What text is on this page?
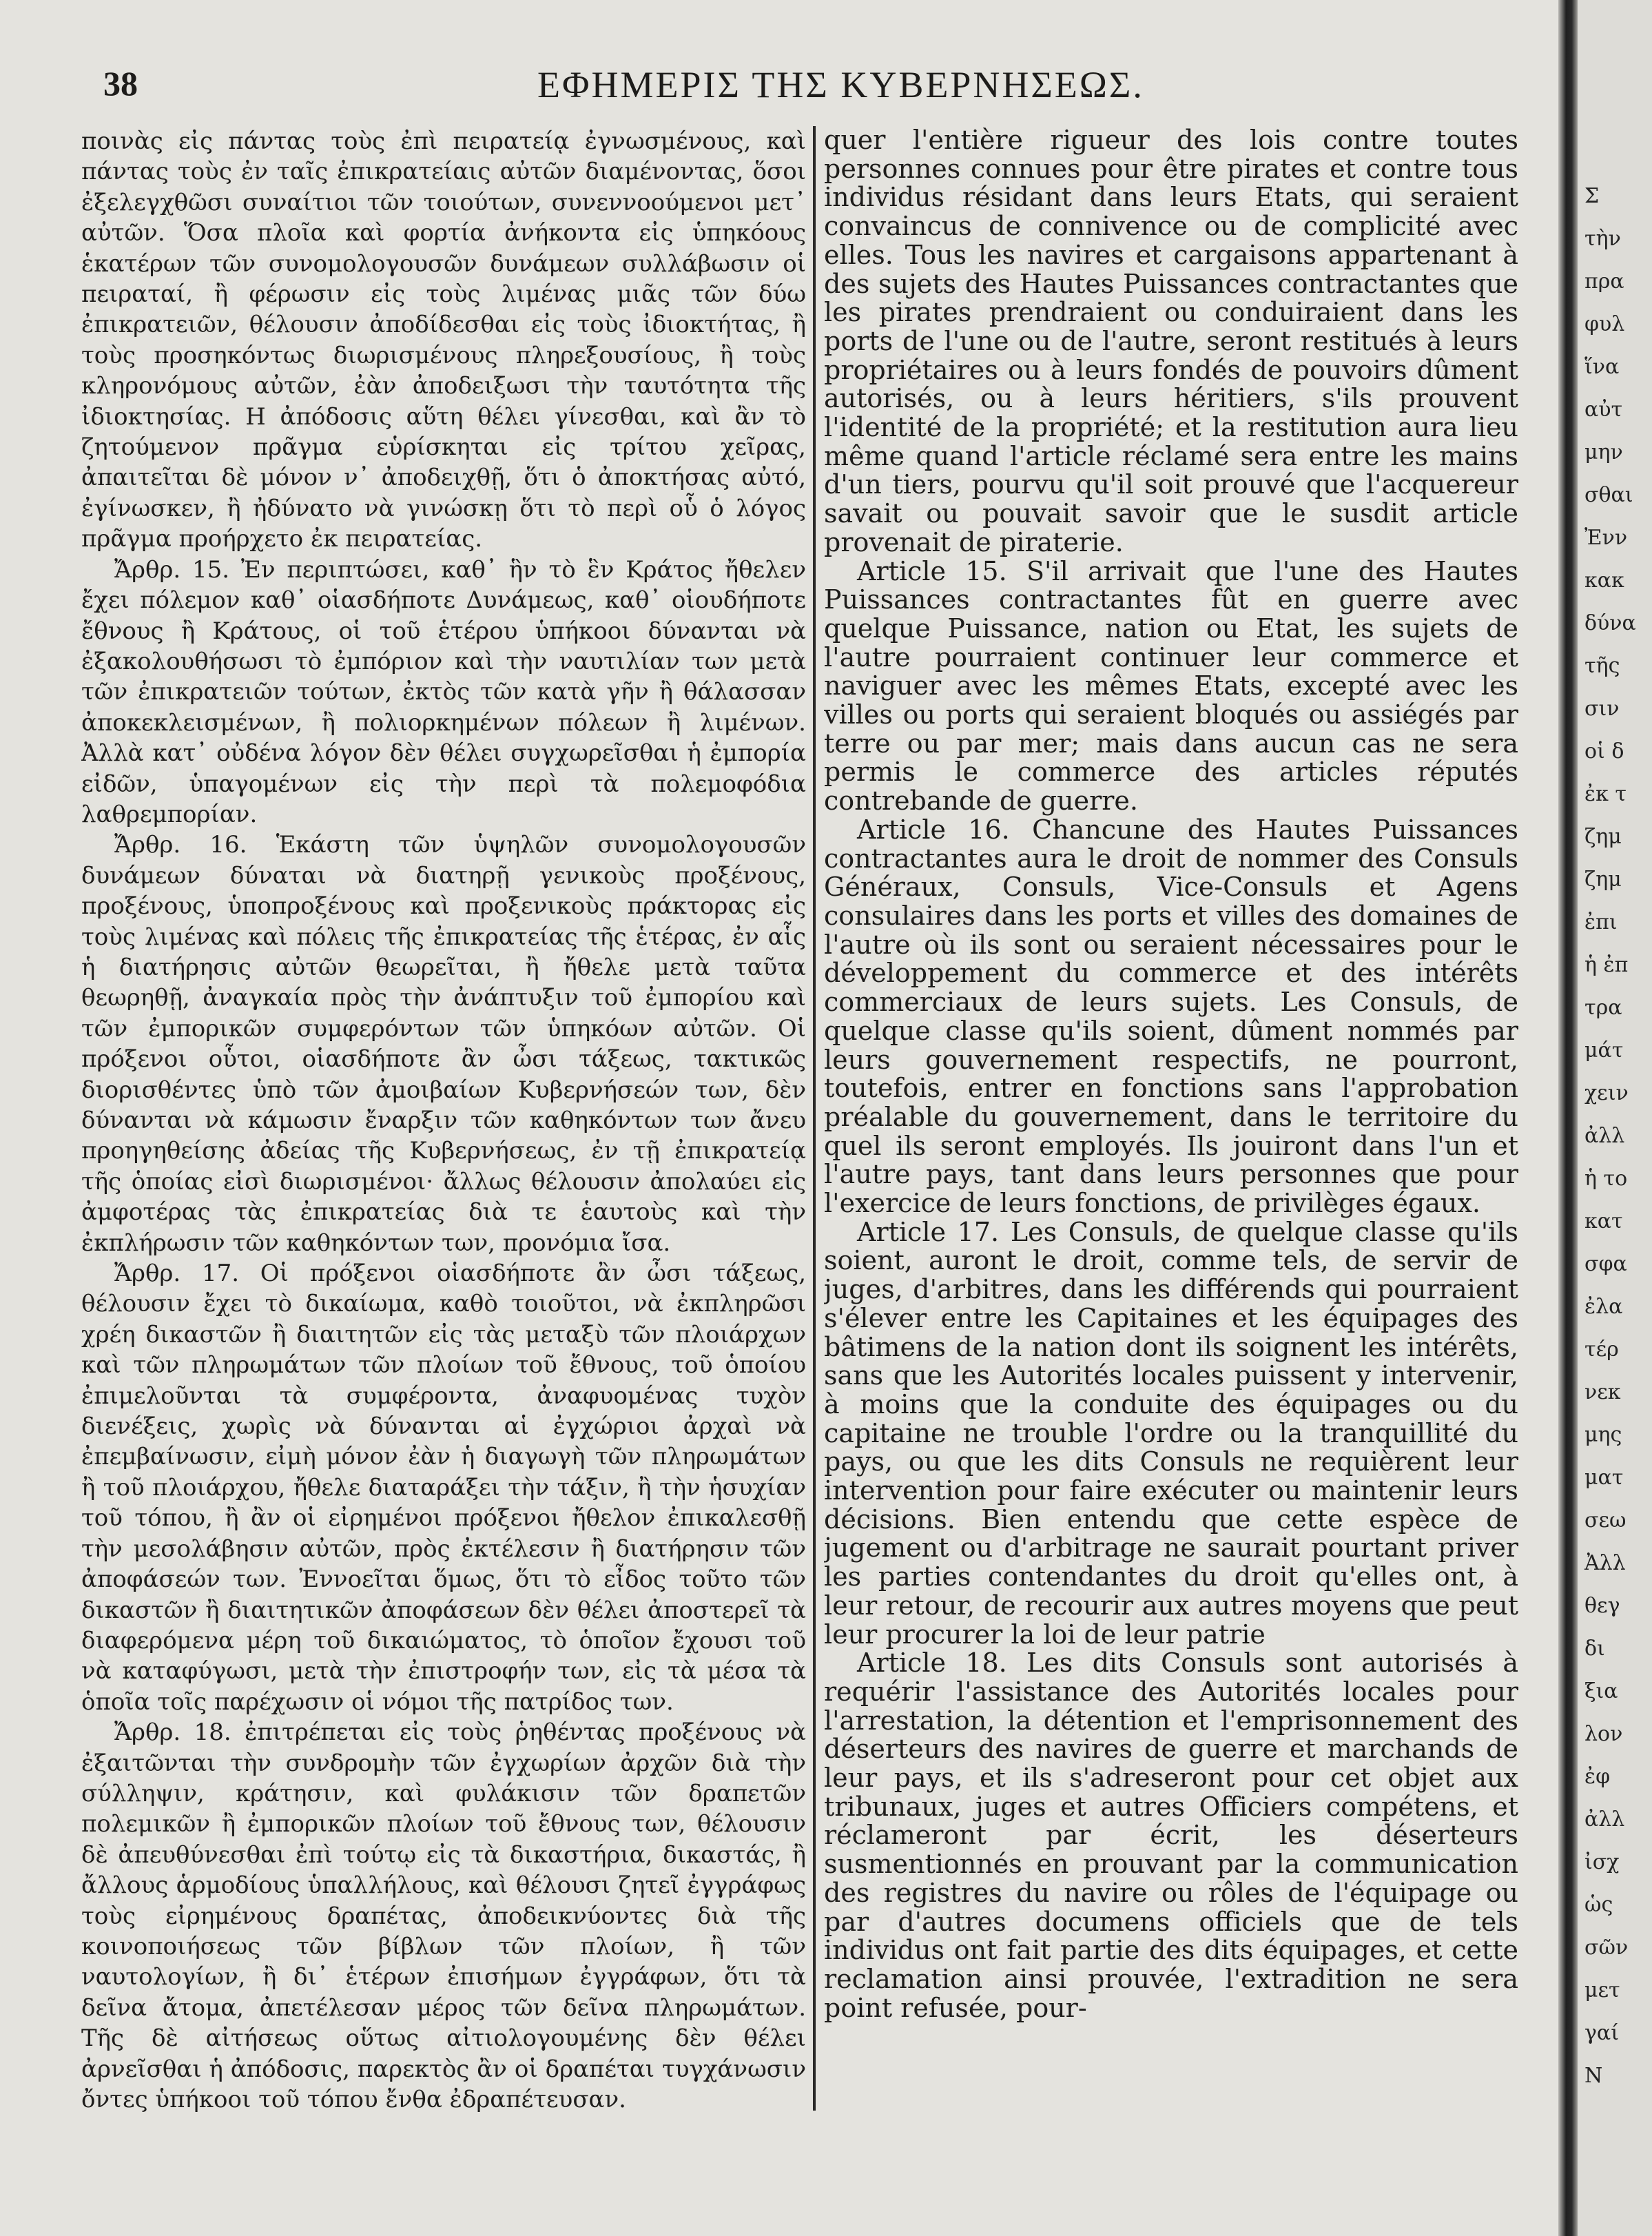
38	ΕΦΗΜΕΡΙΣ ΤΗΣ ΚΥΒΕΡΝΗΣΕΩΣ.

ποινὰς εἰς πάντας τοὺς ἐπὶ πειρατείᾳ ἐγνωσμένους, καὶ πάντας τοὺς ἐν ταῖς ἐπικρατείαις αὐτῶν διαμένοντας, ὅσοι ἐξελεγχθῶσι συναίτιοι τῶν τοιούτων, συνεννοούμενοι μετ᾽ αὐτῶν. Ὅσα πλοῖα καὶ φορτία ἀνήκοντα εἰς ὑπηκόους ἑκατέρων τῶν συνομολογουσῶν δυνάμεων συλλάβωσιν οἱ πειραταί, ἢ φέρωσιν εἰς τοὺς λιμένας μιᾶς τῶν δύω ἐπικρατειῶν, θέλουσιν ἀποδίδεσθαι εἰς τοὺς ἰδιοκτήτας, ἢ τοὺς προσηκόντως διωρισμένους πληρεξουσίους, ἢ τοὺς κληρονόμους αὐτῶν, ἐὰν ἀποδειξωσι τὴν ταυτότητα τῆς ἰδιοκτησίας. Η ἀπόδοσις αὕτη θέλει γίνεσθαι, καὶ ἂν τὸ ζητούμενον πρᾶγμα εὑρίσκηται εἰς τρίτου χεῖρας, ἀπαιτεῖται δὲ μόνον ν᾽ ἀποδειχθῇ, ὅτι ὁ ἀποκτήσας αὐτό, ἐγίνωσκεν, ἢ ἠδύνατο νὰ γινώσκῃ ὅτι τὸ περὶ οὗ ὁ λόγος πρᾶγμα προήρχετο ἐκ πειρατείας.

Ἄρθρ. 15. Ἐν περιπτώσει, καθ᾽ ἣν τὸ ἓν Κράτος ἤθελεν ἔχει πόλεμον καθ᾽ οἱασδήποτε Δυνάμεως, καθ᾽ οἱουδήποτε ἔθνους ἢ Κράτους, οἱ τοῦ ἑτέρου ὑπήκοοι δύνανται νὰ ἐξακολουθήσωσι τὸ ἐμπόριον καὶ τὴν ναυτιλίαν των μετὰ τῶν ἐπικρατειῶν τούτων, ἐκτὸς τῶν κατὰ γῆν ἢ θάλασσαν ἀποκεκλεισμένων, ἢ πολιορκημένων πόλεων ἢ λιμένων. Ἀλλὰ κατ᾽ οὐδένα λόγον δὲν θέλει συγχωρεῖσθαι ἡ ἐμπορία εἰδῶν, ὑπαγομένων εἰς τὴν περὶ τὰ πολεμοφόδια λαθρεμπορίαν.

Ἄρθρ. 16. Ἑκάστη τῶν ὑψηλῶν συνομολογουσῶν δυνάμεων δύναται νὰ διατηρῇ γενικοὺς προξένους, προξένους, ὑποπροξένους καὶ προξενικοὺς πράκτορας εἰς τοὺς λιμένας καὶ πόλεις τῆς ἐπικρατείας τῆς ἑτέρας, ἐν αἷς ἡ διατήρησις αὐτῶν θεωρεῖται, ἢ ἤθελε μετὰ ταῦτα θεωρηθῇ, ἀναγκαία πρὸς τὴν ἀνάπτυξιν τοῦ ἐμπορίου καὶ τῶν ἐμπορικῶν συμφερόντων τῶν ὑπηκόων αὐτῶν. Οἱ πρόξενοι οὗτοι, οἱασδήποτε ἂν ὦσι τάξεως, τακτικῶς διορισθέντες ὑπὸ τῶν ἀμοιβαίων Κυβερνήσεών των, δὲν δύνανται νὰ κάμωσιν ἔναρξιν τῶν καθηκόντων των ἄνευ προηγηθείσης ἀδείας τῆς Κυβερνήσεως, ἐν τῇ ἐπικρατείᾳ τῆς ὁποίας εἰσὶ διωρισμένοι· ἄλλως θέλουσιν ἀπολαύει εἰς ἀμφοτέρας τὰς ἐπικρατείας διὰ τε ἑαυτοὺς καὶ τὴν ἐκπλήρωσιν τῶν καθηκόντων των, προνόμια ἴσα.

Ἄρθρ. 17. Οἱ πρόξενοι οἱασδήποτε ἂν ὦσι τάξεως, θέλουσιν ἔχει τὸ δικαίωμα, καθὸ τοιοῦτοι, νὰ ἐκπληρῶσι χρέη δικαστῶν ἢ διαιτητῶν εἰς τὰς μεταξὺ τῶν πλοιάρχων καὶ τῶν πληρωμάτων τῶν πλοίων τοῦ ἔθνους, τοῦ ὁποίου ἐπιμελοῦνται τὰ συμφέροντα, ἀναφυομένας τυχὸν διενέξεις, χωρὶς νὰ δύνανται αἱ ἐγχώριοι ἀρχαὶ νὰ ἐπεμβαίνωσιν, εἰμὴ μόνον ἐὰν ἡ διαγωγὴ τῶν πληρωμάτων ἢ τοῦ πλοιάρχου, ἤθελε διαταράξει τὴν τάξιν, ἢ τὴν ἡσυχίαν τοῦ τόπου, ἢ ἂν οἱ εἰρημένοι πρόξενοι ἤθελον ἐπικαλεσθῇ τὴν μεσολάβησιν αὐτῶν, πρὸς ἐκτέλεσιν ἢ διατήρησιν τῶν ἀποφάσεών των. Ἐννοεῖται ὅμως, ὅτι τὸ εἶδος τοῦτο τῶν δικαστῶν ἢ διαιτητικῶν ἀποφάσεων δὲν θέλει ἀποστερεῖ τὰ διαφερόμενα μέρη τοῦ δικαιώματος, τὸ ὁποῖον ἔχουσι τοῦ νὰ καταφύγωσι, μετὰ τὴν ἐπιστροφήν των, εἰς τὰ μέσα τὰ ὁποῖα τοῖς παρέχωσιν οἱ νόμοι τῆς πατρίδος των.

Ἄρθρ. 18. ἐπιτρέπεται εἰς τοὺς ῥηθέντας προξένους νὰ ἐξαιτῶνται τὴν συνδρομὴν τῶν ἐγχωρίων ἀρχῶν διὰ τὴν σύλληψιν, κράτησιν, καὶ φυλάκισιν τῶν δραπετῶν πολεμικῶν ἢ ἐμπορικῶν πλοίων τοῦ ἔθνους των, θέλουσιν δὲ ἀπευθύνεσθαι ἐπὶ τούτῳ εἰς τὰ δικαστήρια, δικαστάς, ἢ ἄλλους ἁρμοδίους ὑπαλλήλους, καὶ θέλουσι ζητεῖ ἐγγράφως τοὺς εἰρημένους δραπέτας, ἀποδεικνύοντες διὰ τῆς κοινοποιήσεως τῶν βίβλων τῶν πλοίων, ἢ τῶν ναυτολογίων, ἢ δι᾽ ἑτέρων ἐπισήμων ἐγγράφων, ὅτι τὰ δεῖνα ἄτομα, ἀπετέλεσαν μέρος τῶν δεῖνα πληρωμάτων. Τῆς δὲ αἰτήσεως οὕτως αἰτιολογουμένης δὲν θέλει ἀρνεῖσθαι ἡ ἀπόδοσις, παρεκτὸς ἂν οἱ δραπέται τυγχάνωσιν ὄντες ὑπήκοοι τοῦ τόπου ἔνθα ἐδραπέτευσαν.

quer l'entière rigueur des lois contre toutes personnes connues pour être pirates et contre tous individus résidant dans leurs Etats, qui seraient convaincus de connivence ou de complicité avec elles. Tous les navires et cargaisons appartenant à des sujets des Hautes Puissances contractantes que les pirates prendraient ou conduiraient dans les ports de l'une ou de l'autre, seront restitués à leurs propriétaires ou à leurs fondés de pouvoirs dûment autorisés, ou à leurs héritiers, s'ils prouvent l'identité de la propriété; et la restitution aura lieu même quand l'article réclamé sera entre les mains d'un tiers, pourvu qu'il soit prouvé que l'acquereur savait ou pouvait savoir que le susdit article provenait de piraterie.

Article 15. S'il arrivait que l'une des Hautes Puissances contractantes fût en guerre avec quelque Puissance, nation ou Etat, les sujets de l'autre pourraient continuer leur commerce et naviguer avec les mêmes Etats, excepté avec les villes ou ports qui seraient bloqués ou assiégés par terre ou par mer; mais dans aucun cas ne sera permis le commerce des articles réputés contrebande de guerre.

Article 16. Chancune des Hautes Puissances contractantes aura le droit de nommer des Consuls Généraux, Consuls, Vice-Consuls et Agens consulaires dans les ports et villes des domaines de l'autre où ils sont ou seraient nécessaires pour le développement du commerce et des intérêts commerciaux de leurs sujets. Les Consuls, de quelque classe qu'ils soient, dûment nommés par leurs gouvernement respectifs, ne pourront, toutefois, entrer en fonctions sans l'approbation préalable du gouvernement, dans le territoire du quel ils seront employés. Ils jouiront dans l'un et l'autre pays, tant dans leurs personnes que pour l'exercice de leurs fonctions, de privilèges égaux.

Article 17. Les Consuls, de quelque classe qu'ils soient, auront le droit, comme tels, de servir de juges, d'arbitres, dans les différends qui pourraient s'élever entre les Capitaines et les équipages des bâtimens de la nation dont ils soignent les intérêts, sans que les Autorités locales puissent y intervenir, à moins que la conduite des équipages ou du capitaine ne trouble l'ordre ou la tranquillité du pays, ou que les dits Consuls ne requièrent leur intervention pour faire exécuter ou maintenir leurs décisions. Bien entendu que cette espèce de jugement ou d'arbitrage ne saurait pourtant priver les parties contendantes du droit qu'elles ont, à leur retour, de recourir aux autres moyens que peut leur procurer la loi de leur patrie

Article 18. Les dits Consuls sont autorisés à requérir l'assistance des Autorités locales pour l'arrestation, la détention et l'emprisonnement des déserteurs des navires de guerre et marchands de leur pays, et ils s'adreseront pour cet objet aux tribunaux, juges et autres Officiers compétens, et réclameront par écrit, les déserteurs susmentionnés en prouvant par la communication des registres du navire ou rôles de l'équipage ou par d'autres documens officiels que de tels individus ont fait partie des dits équipages, et cette reclamation ainsi prouvée, l'extradition ne sera point refusée, pour-

Σ
τὴν
πρα
φυλ
ἵνα
αὐτ
μην
σθαι
Ἐνν
κακ
δύνα
τῆς
σιν
οἱ δ
ἐκ τ
ζημ
ζημ
ἐπι
ἡ ἐπ
τρα
μάτ
χειν
ἀλλ
ἡ το
κατ
σφα
ἐλα
τέρ
νεκ
μης
ματ
σεω
Ἀλλ
θεγ
δι
ξια
λον
ἐφ
ἀλλ
ἰσχ
ὡς
σῶν
μετ
γαί
Ν
